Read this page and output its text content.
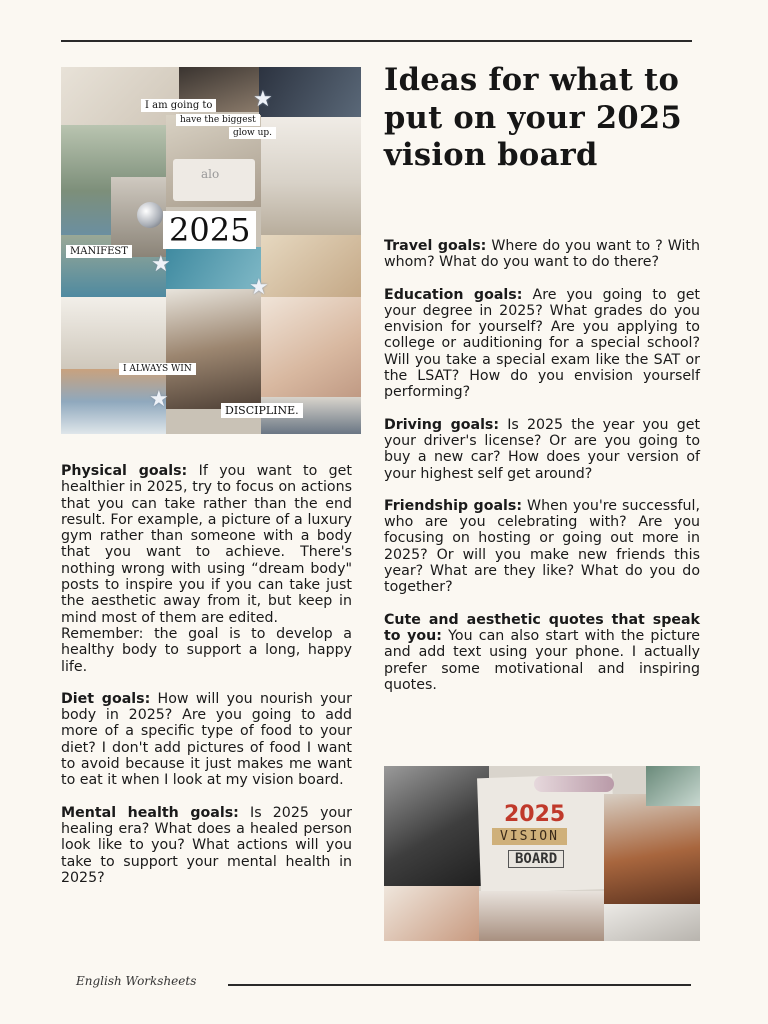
alo
I am going to
have the biggest
glow up.
2025
MANIFEST
I ALWAYS WIN
DISCIPLINE.
★
★
★
★
Ideas for what to put on your 2025 vision board

Travel goals: Where do you want to ? With whom? What do you want to do there?

Education goals: Are you going to get your degree in 2025? What grades do you envision for yourself? Are you applying to college or auditioning for a special school? Will you take a special exam like the SAT or the LSAT? How do you envision yourself performing?

Driving goals: Is 2025 the year you get your driver's license? Or are you going to buy a new car? How does your version of your highest self get around?

Friendship goals: When you're successful, who are you celebrating with? Are you focusing on hosting or going out more in 2025? Or will you make new friends this year? What are they like? What do you do together?

Cute and aesthetic quotes that speak to you: You can also start with the picture and add text using your phone. I actually prefer some motivational and inspiring quotes.

Physical goals: If you want to get healthier in 2025, try to focus on actions that you can take rather than the end result. For example, a picture of a luxury gym rather than someone with a body that you want to achieve. There's nothing wrong with using “dream body" posts to inspire you if you can take just the aesthetic away from it, but keep in mind most of them are edited.

Remember: the goal is to develop a healthy body to support a long, happy life.

Diet goals: How will you nourish your body in 2025? Are you going to add more of a specific type of food to your diet? I don't add pictures of food I want to avoid because it just makes me want to eat it when I look at my vision board.

Mental health goals: Is 2025 your healing era? What does a healed person look like to you? What actions will you take to support your mental health in 2025?

2025
VISION
BOARD
English Worksheets
